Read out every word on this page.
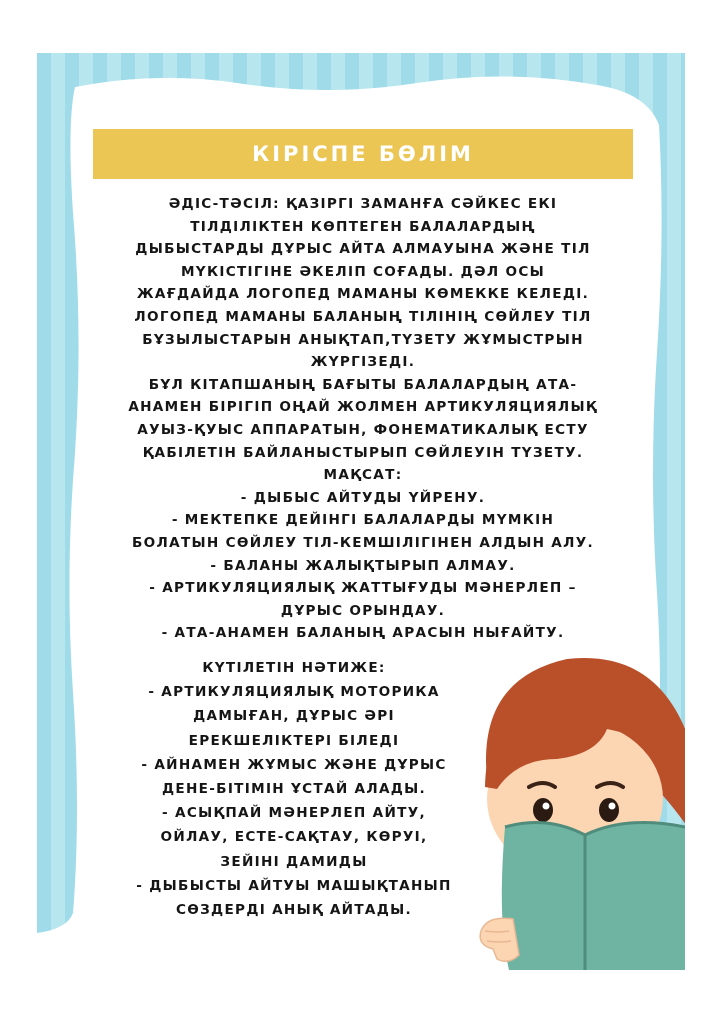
КІРІСПЕ БӨЛІМ
ӘДІС-ТӘСІЛ: ҚАЗІРГІ ЗАМАНҒА СӘЙКЕС ЕКІ
ТІЛДІЛІКТЕН КӨПТЕГЕН БАЛАЛАРДЫҢ
ДЫБЫСТАРДЫ ДҰРЫС АЙТА АЛМАУЫНА ЖӘНЕ ТІЛ
МҮКІСТІГІНЕ ӘКЕЛІП СОҒАДЫ. ДӘЛ ОСЫ
ЖАҒДАЙДА ЛОГОПЕД МАМАНЫ КӨМЕККЕ КЕЛЕДІ.
ЛОГОПЕД МАМАНЫ БАЛАНЫҢ ТІЛІНІҢ СӨЙЛЕУ ТІЛ
БҰЗЫЛЫСТАРЫН АНЫҚТАП,ТҮЗЕТУ ЖҰМЫСТРЫН
ЖҮРГІЗЕДІ.
БҰЛ КІТАПШАНЫҢ БАҒЫТЫ БАЛАЛАРДЫҢ АТА-
АНАМЕН БІРІГІП ОҢАЙ ЖОЛМЕН АРТИКУЛЯЦИЯЛЫҚ
АУЫЗ-ҚУЫС АППАРАТЫН, ФОНЕМАТИКАЛЫҚ ЕСТУ
ҚАБІЛЕТІН БАЙЛАНЫСТЫРЫП СӨЙЛЕУІН ТҮЗЕТУ.
МАҚСАТ:
- ДЫБЫС АЙТУДЫ ҮЙРЕНУ.
- МЕКТЕПКЕ ДЕЙІНГІ БАЛАЛАРДЫ МҮМКІН
БОЛАТЫН СӨЙЛЕУ ТІЛ-КЕМШІЛІГІНЕН АЛДЫН АЛУ.
- БАЛАНЫ ЖАЛЫҚТЫРЫП АЛМАУ.
- АРТИКУЛЯЦИЯЛЫҚ ЖАТТЫҒУДЫ МӘНЕРЛЕП –
ДҰРЫС ОРЫНДАУ.
- АТА-АНАМЕН БАЛАНЫҢ АРАСЫН НЫҒАЙТУ.
КҮТІЛЕТІН НӘТИЖЕ:
- АРТИКУЛЯЦИЯЛЫҚ МОТОРИКА
ДАМЫҒАН, ДҰРЫС ӘРІ
ЕРЕКШЕЛІКТЕРІ БІЛЕДІ
- АЙНАМЕН ЖҰМЫС ЖӘНЕ ДҰРЫС
ДЕНЕ-БІТІМІН ҰСТАЙ АЛАДЫ.
- АСЫҚПАЙ МӘНЕРЛЕП АЙТУ,
ОЙЛАУ, ЕСТЕ-САҚТАУ, КӨРУІ,
ЗЕЙІНІ ДАМИДЫ
- ДЫБЫСТЫ АЙТУЫ МАШЫҚТАНЫП
СӨЗДЕРДІ АНЫҚ АЙТАДЫ.
